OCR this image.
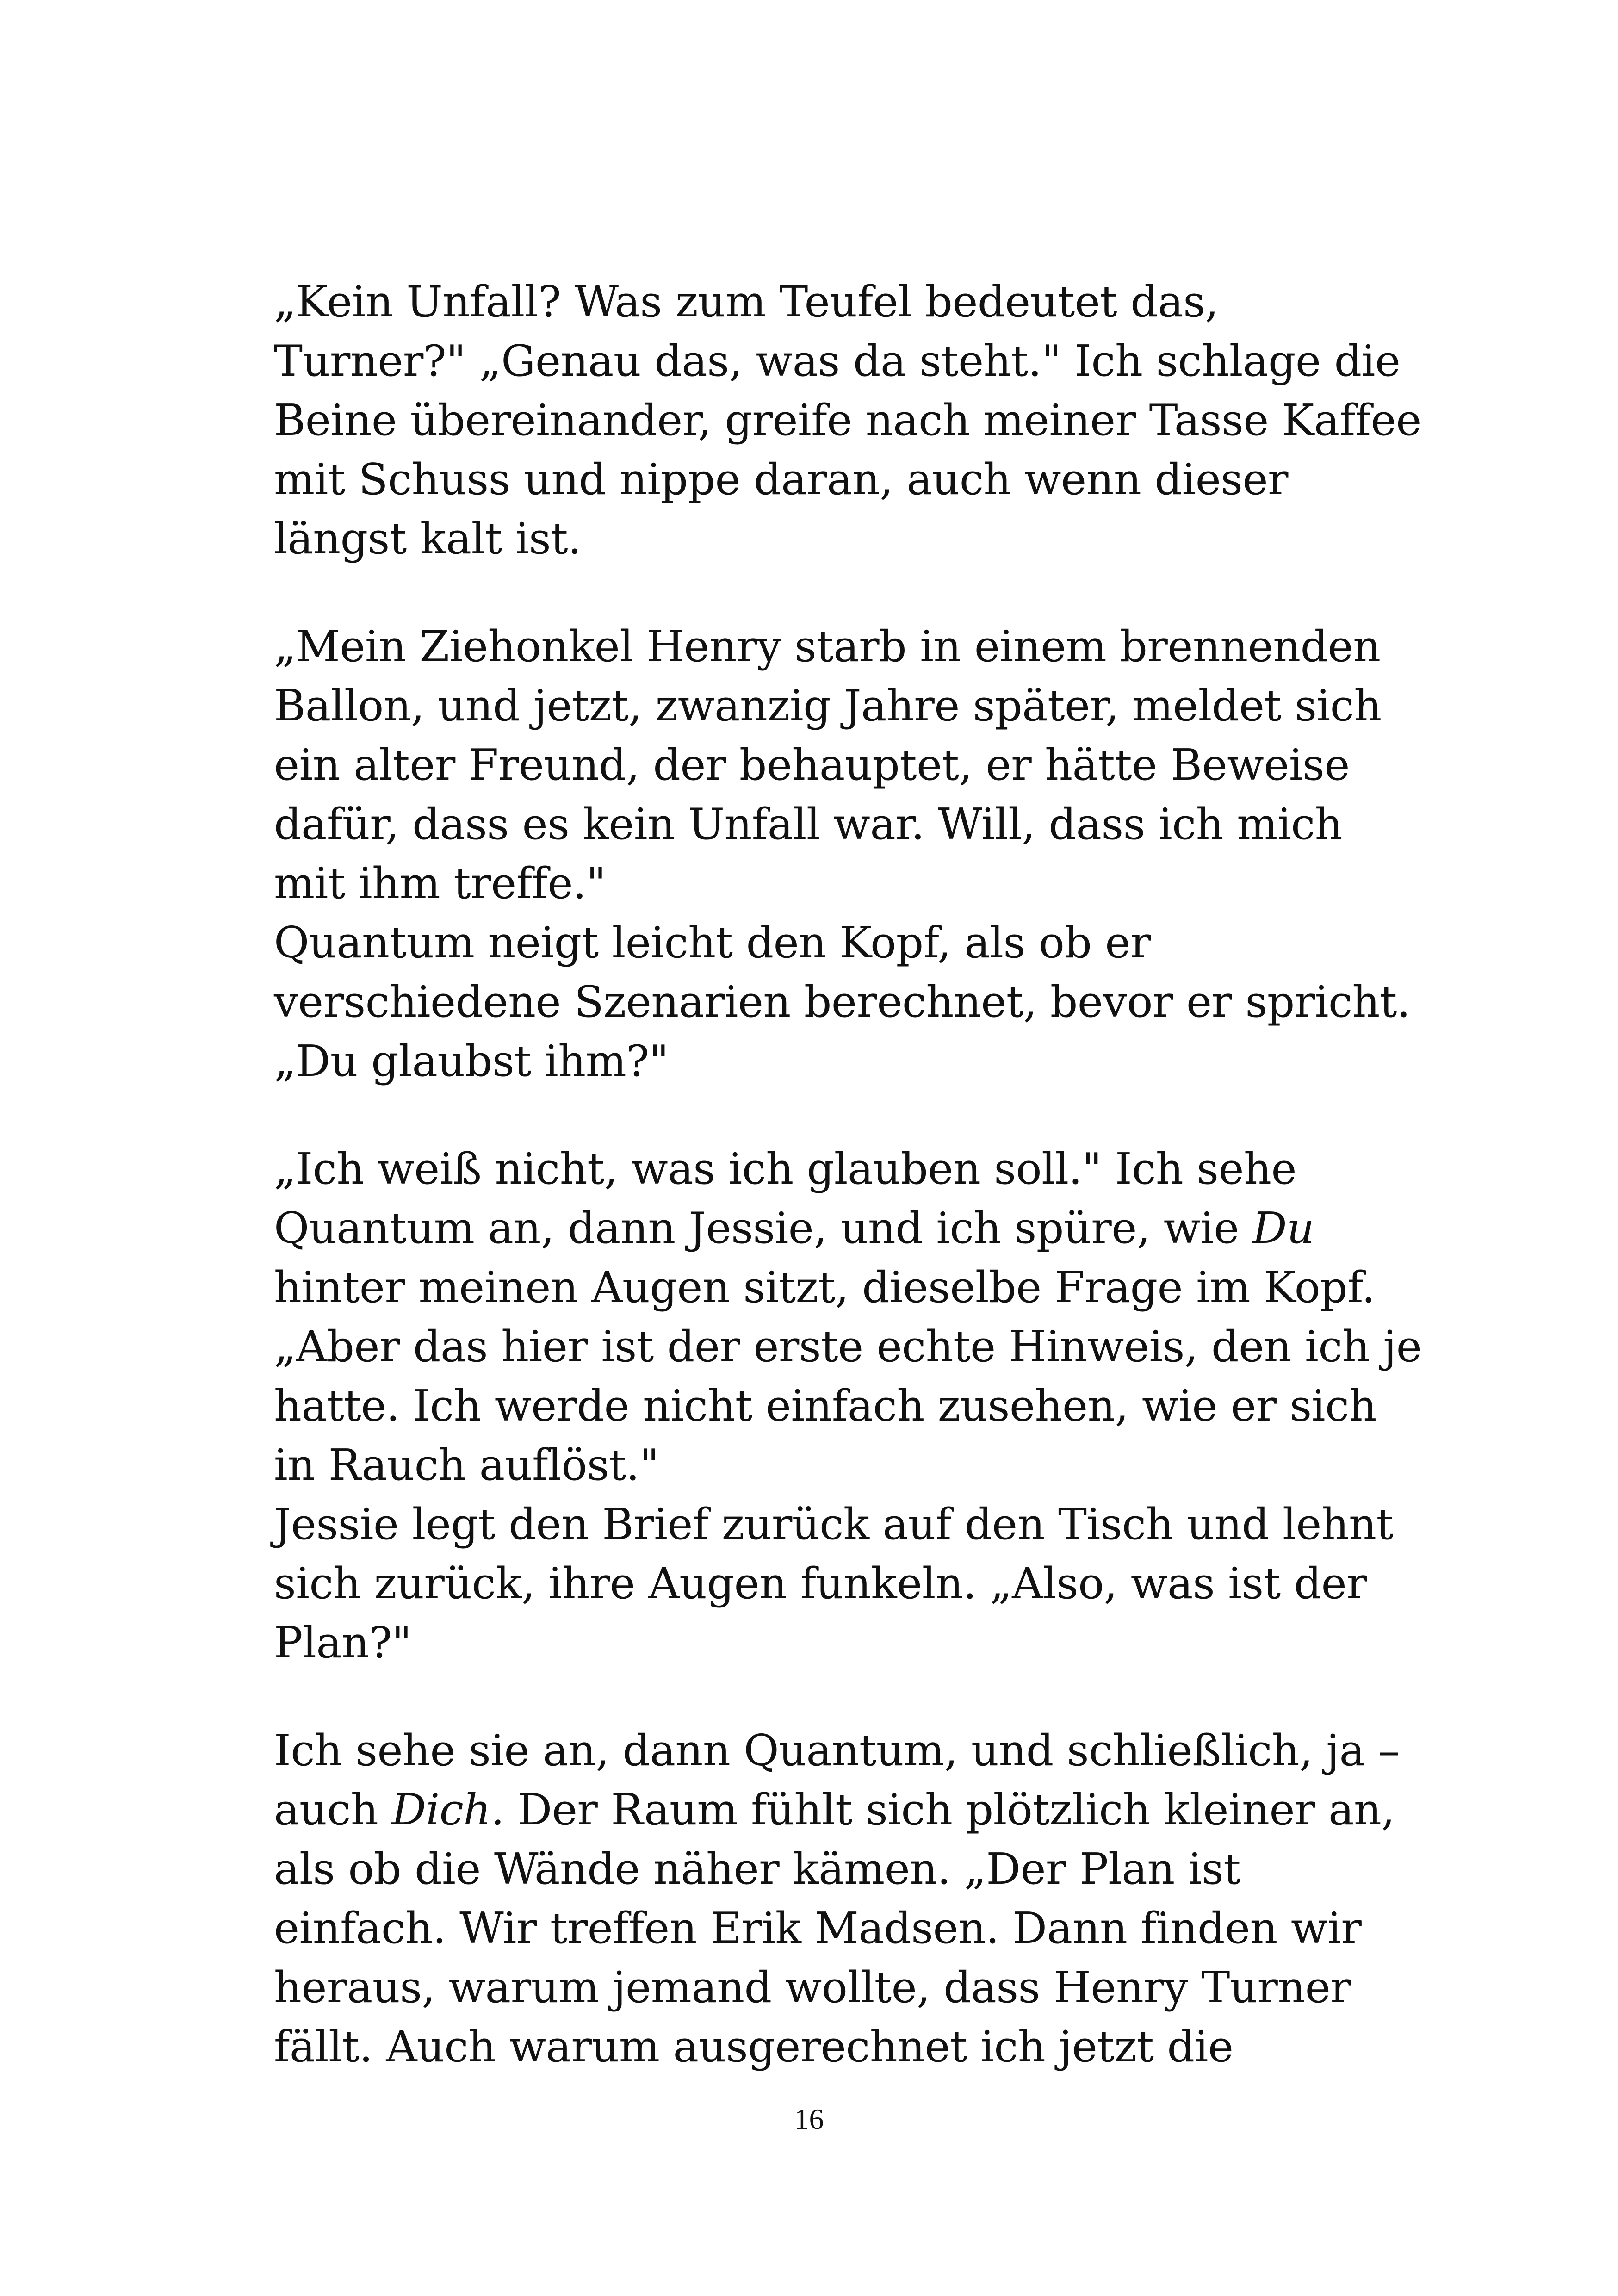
„Kein Unfall? Was zum Teufel bedeutet das,
Turner?" „Genau das, was da steht." Ich schlage die
Beine übereinander, greife nach meiner Tasse Kaffee
mit Schuss und nippe daran, auch wenn dieser
längst kalt ist.
„Mein Ziehonkel Henry starb in einem brennenden
Ballon, und jetzt, zwanzig Jahre später, meldet sich
ein alter Freund, der behauptet, er hätte Beweise
dafür, dass es kein Unfall war. Will, dass ich mich
mit ihm treffe."
Quantum neigt leicht den Kopf, als ob er
verschiedene Szenarien berechnet, bevor er spricht.
„Du glaubst ihm?"
„Ich weiß nicht, was ich glauben soll." Ich sehe
Quantum an, dann Jessie, und ich spüre, wie Du
hinter meinen Augen sitzt, dieselbe Frage im Kopf.
„Aber das hier ist der erste echte Hinweis, den ich je
hatte. Ich werde nicht einfach zusehen, wie er sich
in Rauch auflöst."
Jessie legt den Brief zurück auf den Tisch und lehnt
sich zurück, ihre Augen funkeln. „Also, was ist der
Plan?"
Ich sehe sie an, dann Quantum, und schließlich, ja –
auch Dich. Der Raum fühlt sich plötzlich kleiner an,
als ob die Wände näher kämen. „Der Plan ist
einfach. Wir treffen Erik Madsen. Dann finden wir
heraus, warum jemand wollte, dass Henry Turner
fällt. Auch warum ausgerechnet ich jetzt die
16
